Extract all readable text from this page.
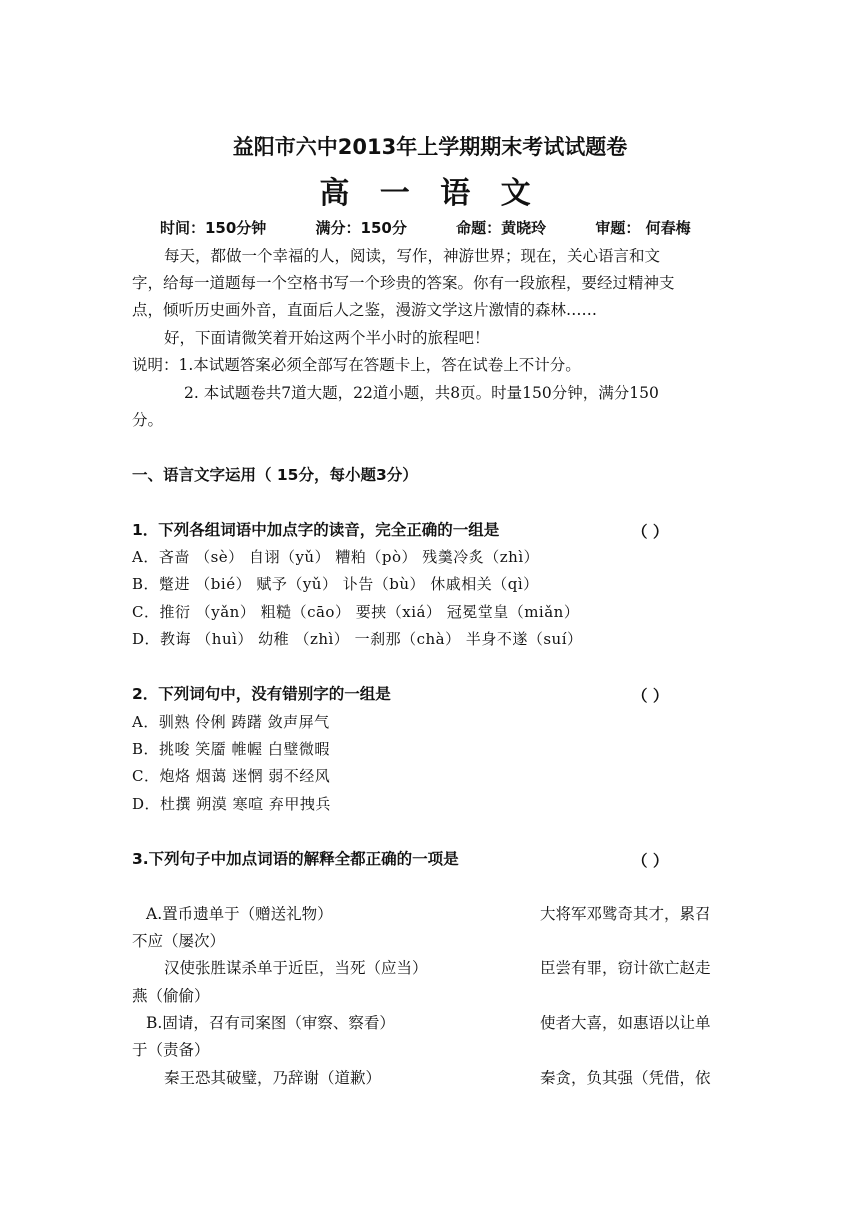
益阳市六中2013年上学期期末考试试题卷
高 一 语 文
时间：150分钟	满分：150分	命题：黄晓玲	审题： 何春梅
每天，都做一个幸福的人，阅读，写作，神游世界；现在，关心语言和文
字，给每一道题每一个空格书写一个珍贵的答案。你有一段旅程，要经过精神支
点，倾听历史画外音，直面后人之鉴，漫游文学这片激情的森林……
好，下面请微笑着开始这两个半小时的旅程吧！
说明：1.本试题答案必须全部写在答题卡上，答在试卷上不计分。
2. 本试题卷共7道大题，22道小题，共8页。时量150分钟，满分150
分。
一、语言文字运用（ 15分，每小题3分）
1．下列各组词语中加点字的读音，完全正确的一组是	（ ）
A．吝啬 （sè） 自诩（yǔ） 糟粕（pò） 残羹冷炙（zhì）
B．蹩进 （bié） 赋予（yǔ） 讣告（bù） 休戚相关（qì）
C．推衍 （yǎn） 粗糙（cāo） 要挟（xiá） 冠冕堂皇（miǎn）
D．教诲 （huì） 幼稚 （zhì） 一刹那（chà） 半身不遂（suí）
2．下列词句中，没有错别字的一组是	（ ）
A．驯熟 伶俐 踌躇 敛声屏气
B．挑唆 笑靥 帷幄 白璧微暇
C．炮烙 烟蔼 迷惘 弱不经风
D．杜撰 朔漠 寒喧 弃甲拽兵
3.下列句子中加点词语的解释全都正确的一项是	（ ）
A.置币遗单于（赠送礼物）	大将军邓骘奇其才，累召
不应（屡次）
汉使张胜谋杀单于近臣，当死（应当）	臣尝有罪，窃计欲亡赵走
燕（偷偷）
B.固请，召有司案图（审察、察看）	使者大喜，如惠语以让单
于（责备）
秦王恐其破璧，乃辞谢（道歉）	秦贪，负其强（凭借，依
